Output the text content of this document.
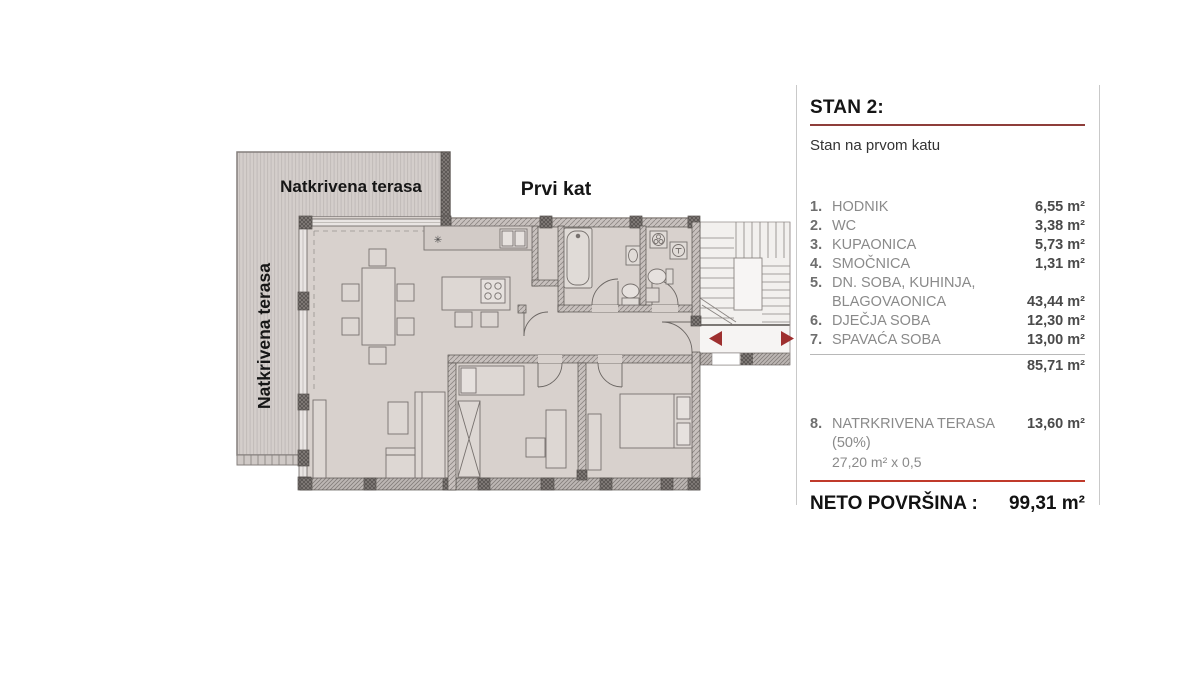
✳
Natkrivena terasa	Prvi kat
Natkrivena terasa
STAN 2:
Stan na prvom katu
1. HODNIK	6,55 m²
2. WC	3,38 m²
3. KUPAONICA	5,73 m²
4. SMOČNICA	1,31 m²
5. DN. SOBA, KUHINJA,
BLAGOVAONICA	43,44 m²
6. DJEČJA SOBA	12,30 m²
7. SPAVAĆA SOBA	13,00 m²
85,71 m²
8. NATRKRIVENA TERASA (50%)
13,60 m²
27,20 m² x 0,5
NETO POVRŠINA : 99,31 m²
